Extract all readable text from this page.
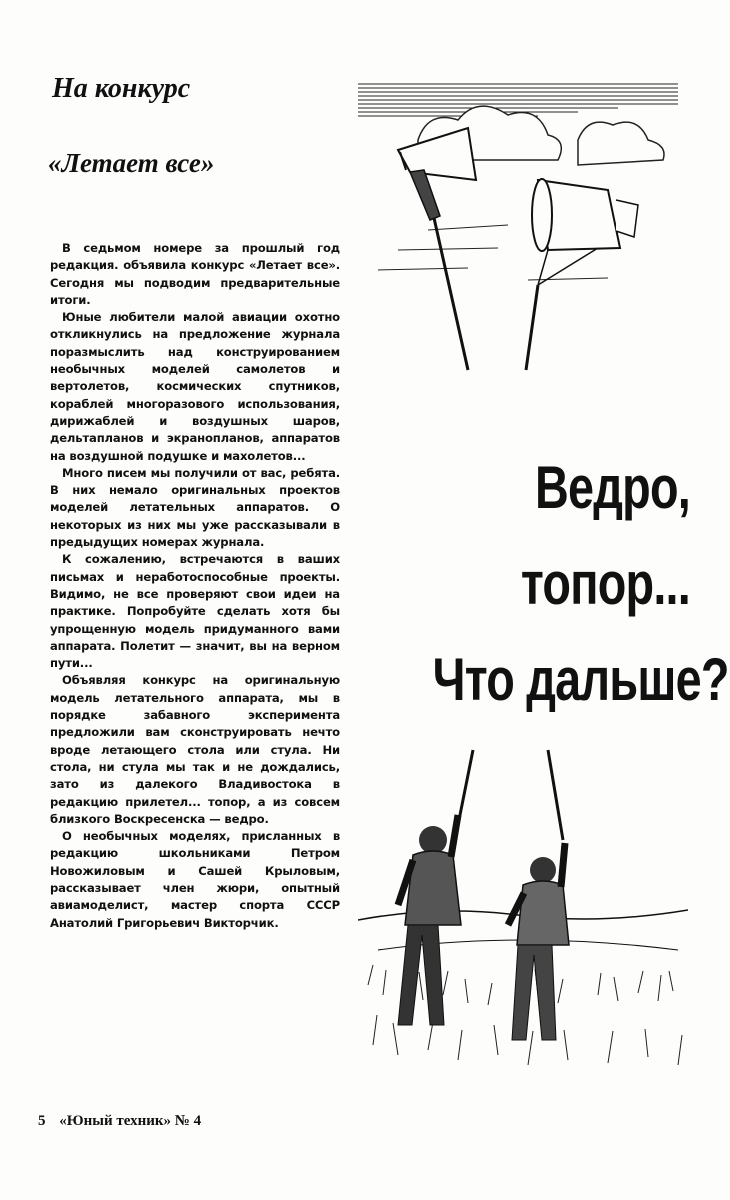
На конкурс
«Летает все»

В седьмом номере за прошлый год редакция. объявила конкурс «Летает все». Сегодня мы подводим предварительные итоги.

Юные любители малой авиации охотно откликнулись на предложение журнала поразмыслить над конструированием необычных моделей самолетов и вертолетов, космических спутников, кораблей многоразового использования, дирижаблей и воздушных шаров, дельтапланов и экранопланов, аппаратов на воздушной подушке и махолетов...

Много писем мы получили от вас, ребята. В них немало оригинальных проектов моделей летательных аппаратов. О некоторых из них мы уже рассказывали в предыдущих номерах журнала.

К сожалению, встречаются в ваших письмах и неработоспособные проекты. Видимо, не все проверяют свои идеи на практике. Попробуйте сделать хотя бы упрощенную модель придуманного вами аппарата. Полетит — значит, вы на верном пути...

Объявляя конкурс на оригинальную модель летательного аппарата, мы в порядке забавного эксперимента предложили вам сконструировать нечто вроде летающего стола или стула. Ни стола, ни стула мы так и не дождались, зато из далекого Владивостока в редакцию прилетел... топор, а из совсем близкого Воскресенска — ведро.

О необычных моделях, присланных в редакцию школьниками Петром Новожиловым и Сашей Крыловым, рассказывает член жюри, опытный авиамоделист, мастер спорта СССР Анатолий Григорьевич Викторчик.

Ведро,
топор...
Что дальше?
5 «Юный техник» № 4
